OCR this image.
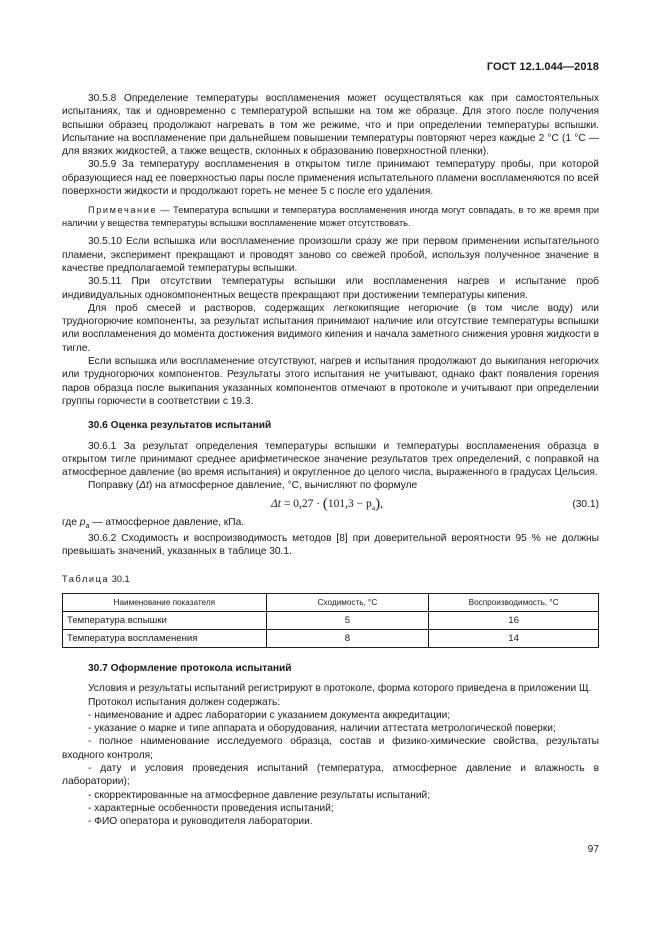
ГОСТ 12.1.044—2018

30.5.8 Определение температуры воспламенения может осуществляться как при самостоятельных испытаниях, так и одновременно с температурой вспышки на том же образце. Для этого после получения вспышки образец продолжают нагревать в том же режиме, что и при определении температуры вспышки. Испытание на воспламенение при дальнейшем повышении температуры повторяют через каждые 2 °С (1 °С — для вязких жидкостей, а также веществ, склонных к образованию поверхностной пленки).

30.5.9 За температуру воспламенения в открытом тигле принимают температуру пробы, при которой образующиеся над ее поверхностью пары после применения испытательного пламени воспламеняются по всей поверхности жидкости и продолжают гореть не менее 5 с после его удаления.

Примечание — Температура вспышки и температура воспламенения иногда могут совпадать, в то же время при наличии у вещества температуры вспышки воспламенение может отсутствовать.

30.5.10 Если вспышка или воспламенение произошли сразу же при первом применении испытательного пламени, эксперимент прекращают и проводят заново со свежей пробой, используя полученное значение в качестве предполагаемой температуры вспышки.

30.5.11 При отсутствии температуры вспышки или воспламенения нагрев и испытание проб индивидуальных однокомпонентных веществ прекращают при достижении температуры кипения.

Для проб смесей и растворов, содержащих легкокипящие негорючие (в том числе воду) или трудногорючие компоненты, за результат испытания принимают наличие или отсутствие температуры вспышки или воспламенения до момента достижения видимого кипения и начала заметного снижения уровня жидкости в тигле.

Если вспышка или воспламенение отсутствуют, нагрев и испытания продолжают до выкипания негорючих или трудногорючих компонентов. Результаты этого испытания не учитывают, однако факт появления горения паров образца после выкипания указанных компонентов отмечают в протоколе и учитывают при определении группы горючести в соответствии с 19.3.

30.6 Оценка результатов испытаний

30.6.1 За результат определения температуры вспышки и температуры воспламенения образца в открытом тигле принимают среднее арифметическое значение результатов трех определений, с поправкой на атмосферное давление (во время испытания) и округленное до целого числа, выраженного в градусах Цельсия.

Поправку (Δt) на атмосферное давление, °С, вычисляют по формуле

$\Delta t = 0,27 \cdot (101,3 - p_a)$,	(30.1)

где $p_a$ — атмосферное давление, кПа.

30.6.2 Сходимость и воспроизводимость методов [8] при доверительной вероятности 95 % не должны превышать значений, указанных в таблице 30.1.

Таблица 30.1
Наименование показателя	Сходимость, °С	Воспроизводимость, °С
Температура вспышки	5	16
Температура воспламенения	8	14
30.7 Оформление протокола испытаний

Условия и результаты испытаний регистрируют в протоколе, форма которого приведена в приложении Щ.

Протокол испытания должен содержать:

- наименование и адрес лаборатории с указанием документа аккредитации;

- указание о марке и типе аппарата и оборудования, наличии аттестата метрологической поверки;

- полное наименование исследуемого образца, состав и физико-химические свойства, результаты входного контроля;

- дату и условия проведения испытаний (температура, атмосферное давление и влажность в лаборатории);

- скорректированные на атмосферное давление результаты испытаний;

- характерные особенности проведения испытаний;

- ФИО оператора и руководителя лаборатории.

97
